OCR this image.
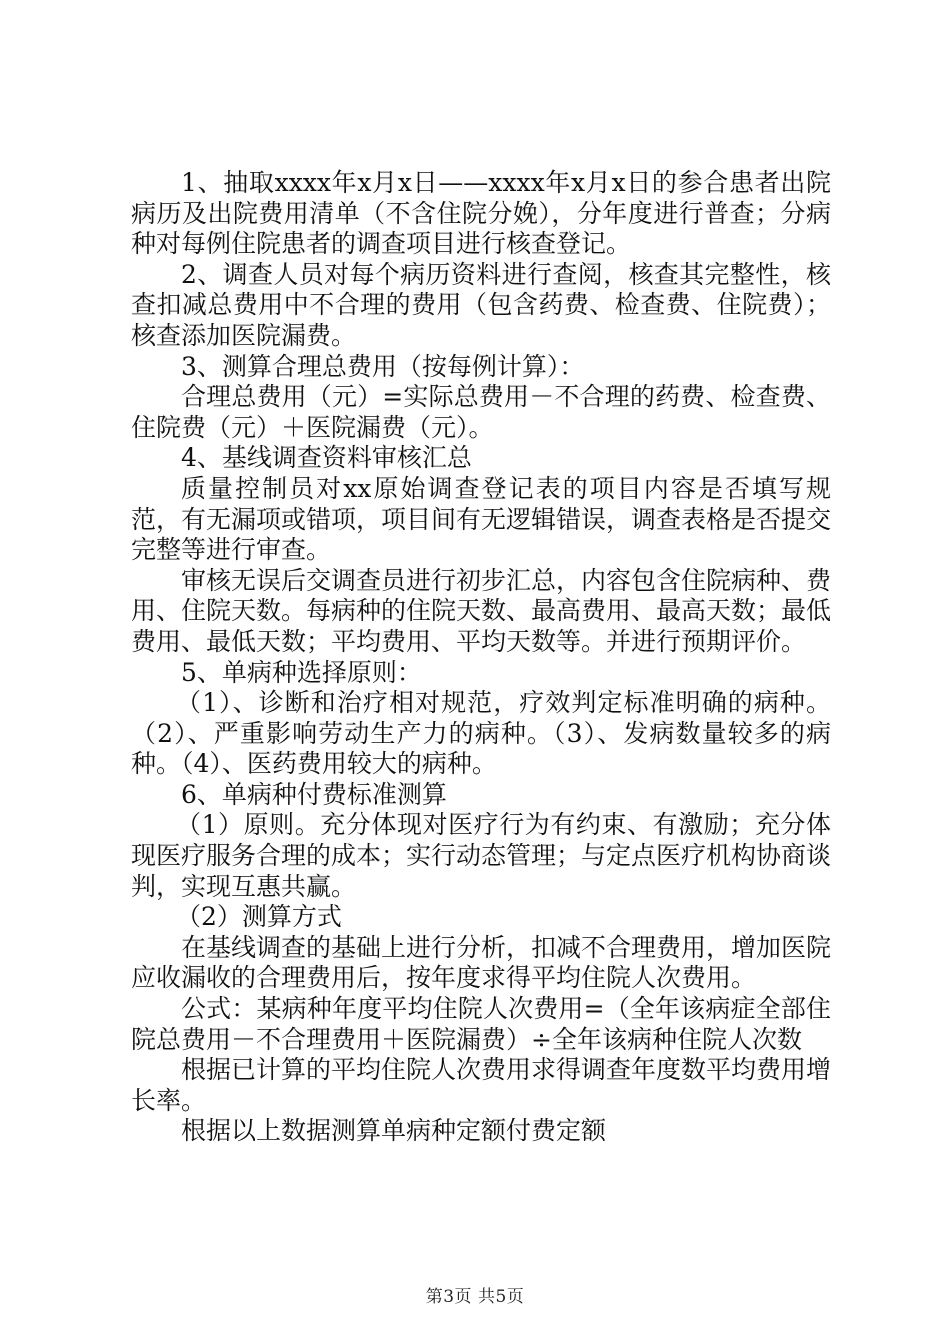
1、抽取xxxx年x月x日——xxxx年x月x日的参合患者出院病历及出院费用清单（不含住院分娩），分年度进行普查；分病种对每例住院患者的调查项目进行核查登记。

2、调查人员对每个病历资料进行查阅，核查其完整性，核查扣减总费用中不合理的费用（包含药费、检查费、住院费）；核查添加医院漏费。

3、测算合理总费用（按每例计算）：

合理总费用（元）=实际总费用－不合理的药费、检查费、住院费（元）＋医院漏费（元）。

4、基线调查资料审核汇总

质量控制员对xx原始调查登记表的项目内容是否填写规范，有无漏项或错项，项目间有无逻辑错误，调查表格是否提交完整等进行审查。

审核无误后交调查员进行初步汇总，内容包含住院病种、费用、住院天数。每病种的住院天数、最高费用、最高天数；最低费用、最低天数；平均费用、平均天数等。并进行预期评价。

5、单病种选择原则：

（1）、诊断和治疗相对规范，疗效判定标准明确的病种。（2）、严重影响劳动生产力的病种。（3）、发病数量较多的病种。（4）、医药费用较大的病种。

6、单病种付费标准测算

（1）原则。充分体现对医疗行为有约束、有激励；充分体现医疗服务合理的成本；实行动态管理；与定点医疗机构协商谈判，实现互惠共赢。

（2）测算方式

在基线调查的基础上进行分析，扣减不合理费用，增加医院应收漏收的合理费用后，按年度求得平均住院人次费用。

公式：某病种年度平均住院人次费用=（全年该病症全部住院总费用－不合理费用＋医院漏费）÷全年该病种住院人次数

根据已计算的平均住院人次费用求得调查年度数平均费用增长率。

根据以上数据测算单病种定额付费定额

第3页 共5页
